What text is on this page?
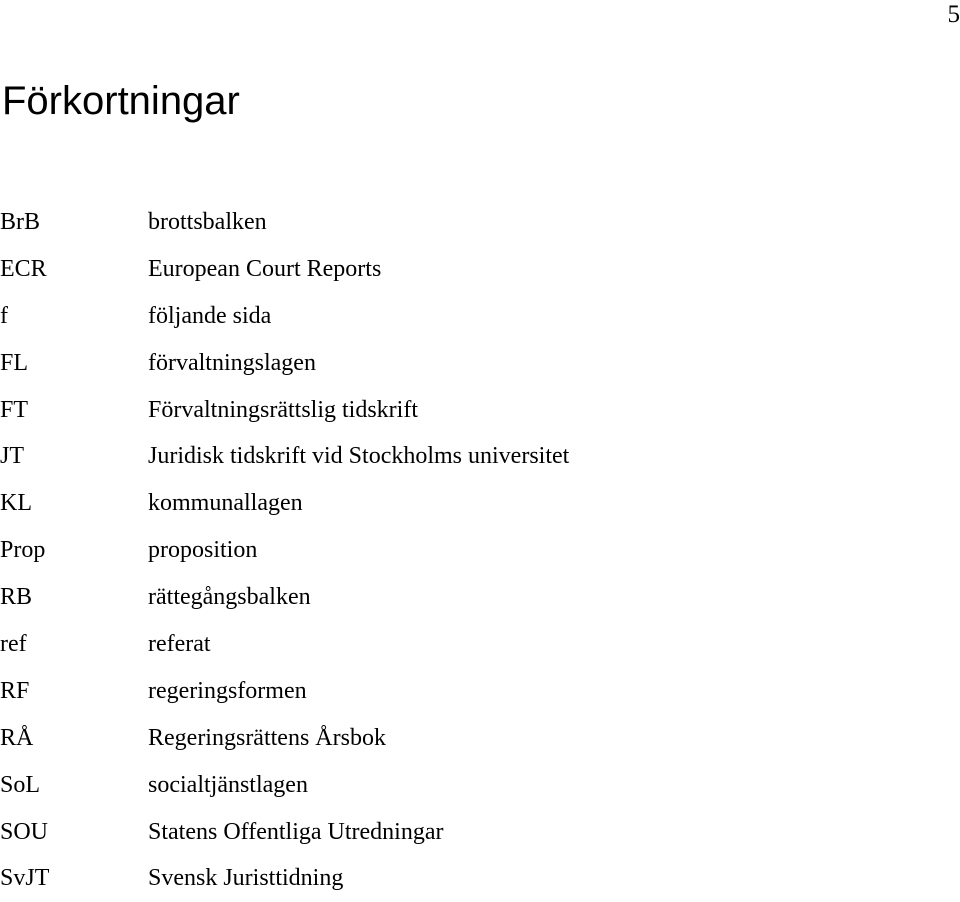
5
Förkortningar
BrB	brottsbalken
ECR	European Court Reports
f	följande sida
FL	förvaltningslagen
FT	Förvaltningsrättslig tidskrift
JT	Juridisk tidskrift vid Stockholms universitet
KL	kommunallagen
Prop	proposition
RB	rättegångsbalken
ref	referat
RF	regeringsformen
RÅ	Regeringsrättens Årsbok
SoL	socialtjänstlagen
SOU	Statens Offentliga Utredningar
SvJT	Svensk Juristtidning
